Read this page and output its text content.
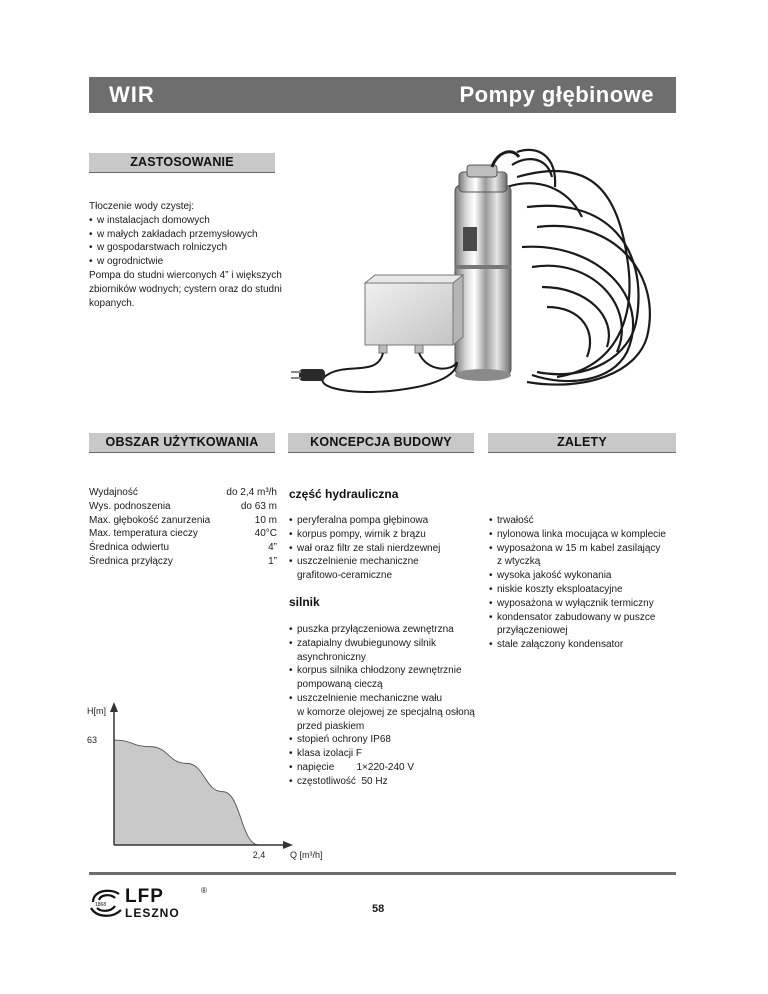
WIR	Pompy głębinowe
ZASTOSOWANIE
Tłoczenie wody czystej:
• w instalacjach domowych
• w małych zakładach przemysłowych
• w gospodarstwach rolniczych
• w ogrodnictwie
Pompa do studni wierconych 4” i większych
zbiorników wodnych; cystern oraz do studni
kopanych.
OBSZAR UŻYTKOWANIA	KONCEPCJA BUDOWY	ZALETY
Wydajność	do 2,4 m³/h
Wys. podnoszenia	do 63 m
Max. głębokość zanurzenia	10 m
Max. temperatura cieczy	40°C
Średnica odwiertu	4”
Średnica przyłączy	1”
część hydrauliczna
• peryferalna pompa głębinowa
• korpus pompy, wirnik z brązu
• wał oraz filtr ze stali nierdzewnej
• uszczelnienie mechaniczne
grafitowo-ceramiczne
silnik
• puszka przyłączeniowa zewnętrzna
• zatapialny dwubiegunowy silnik
asynchroniczny
• korpus silnika chłodzony zewnętrznie
pompowaną cieczą
• uszczelnienie mechaniczne wału
w komorze olejowej ze specjalną osłoną
przed piaskiem
• stopień ochrony IP68
• klasa izolacji F
• napięcie        1×220-240 V
• częstotliwość  50 Hz
• trwałość
• nylonowa linka mocująca w komplecie
• wyposażona w 15 m kabel zasilający
z wtyczką
• wysoka jakość wykonania
• niskie koszty eksploatacyjne
• wyposażona w wyłącznik termiczny
• kondensator zabudowany w puszce
przyłączeniowej
• stale załączony kondensator
H[m]
63
2,4	Q [m³/h]
1868 LFP
LESZNO
®
58
